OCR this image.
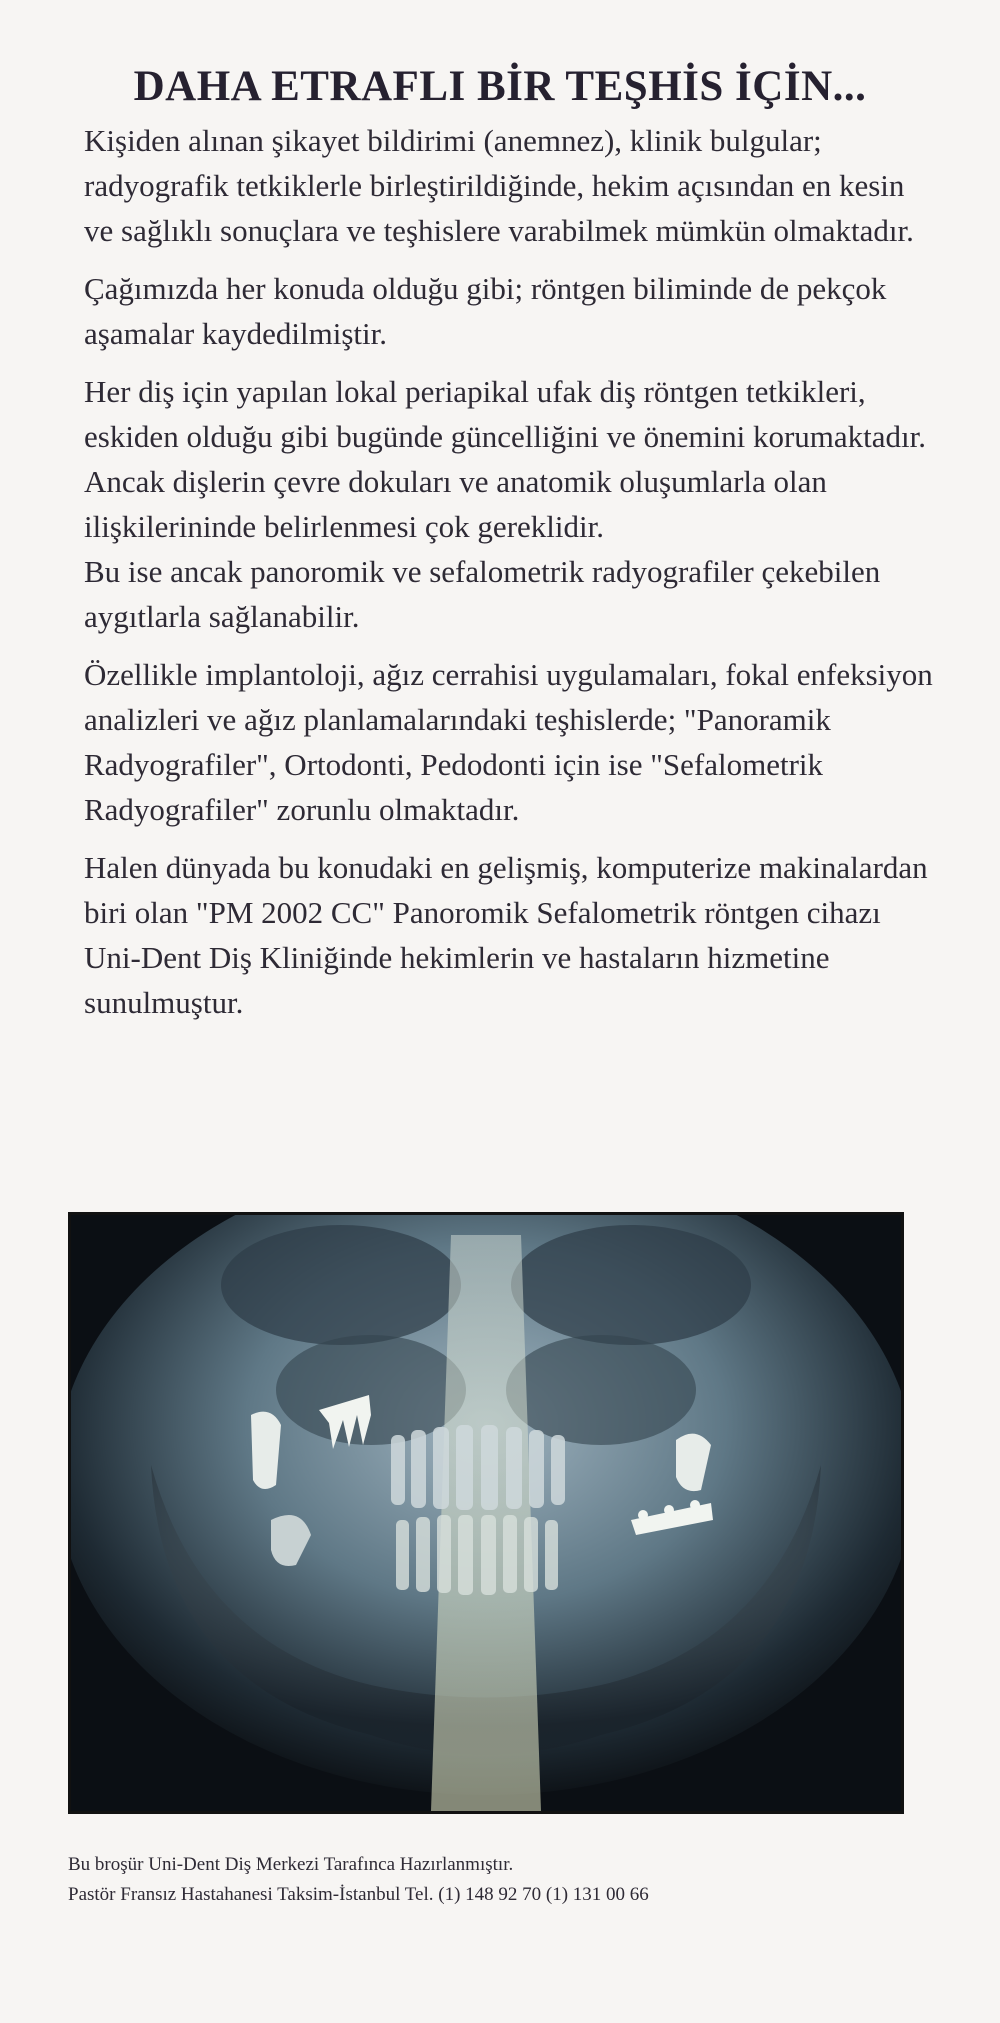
DAHA ETRAFLI BİR TEŞHİS İÇİN...

Kişiden alınan şikayet bildirimi (anemnez), klinik bulgular; radyografik tetkiklerle birleştirildiğinde, hekim açısından en kesin ve sağlıklı sonuçlara ve teşhislere varabilmek mümkün olmaktadır.

Çağımızda her konuda olduğu gibi; röntgen biliminde de pekçok aşamalar kaydedilmiştir.

Her diş için yapılan lokal periapikal ufak diş röntgen tetkikleri, eskiden olduğu gibi bugünde güncelliğini ve önemini korumaktadır. Ancak dişlerin çevre dokuları ve anatomik oluşumlarla olan ilişkilerininde belirlenmesi çok gereklidir.

Bu ise ancak panoromik ve sefalometrik radyografiler çekebilen aygıtlarla sağlanabilir.

Özellikle implantoloji, ağız cerrahisi uygulamaları, fokal enfeksiyon analizleri ve ağız planlamalarındaki teşhislerde; "Panoramik Radyografiler", Ortodonti, Pedodonti için ise "Sefalometrik Radyografiler" zorunlu olmaktadır.

Halen dünyada bu konudaki en gelişmiş, komputerize makinalardan biri olan "PM 2002 CC" Panoromik Sefalometrik röntgen cihazı Uni-Dent Diş Kliniğinde hekimlerin ve hastaların hizmetine sunulmuştur.

Bu broşür Uni-Dent Diş Merkezi Tarafınca Hazırlanmıştır.
Pastör Fransız Hastahanesi Taksim-İstanbul Tel. (1) 148 92 70 (1) 131 00 66
